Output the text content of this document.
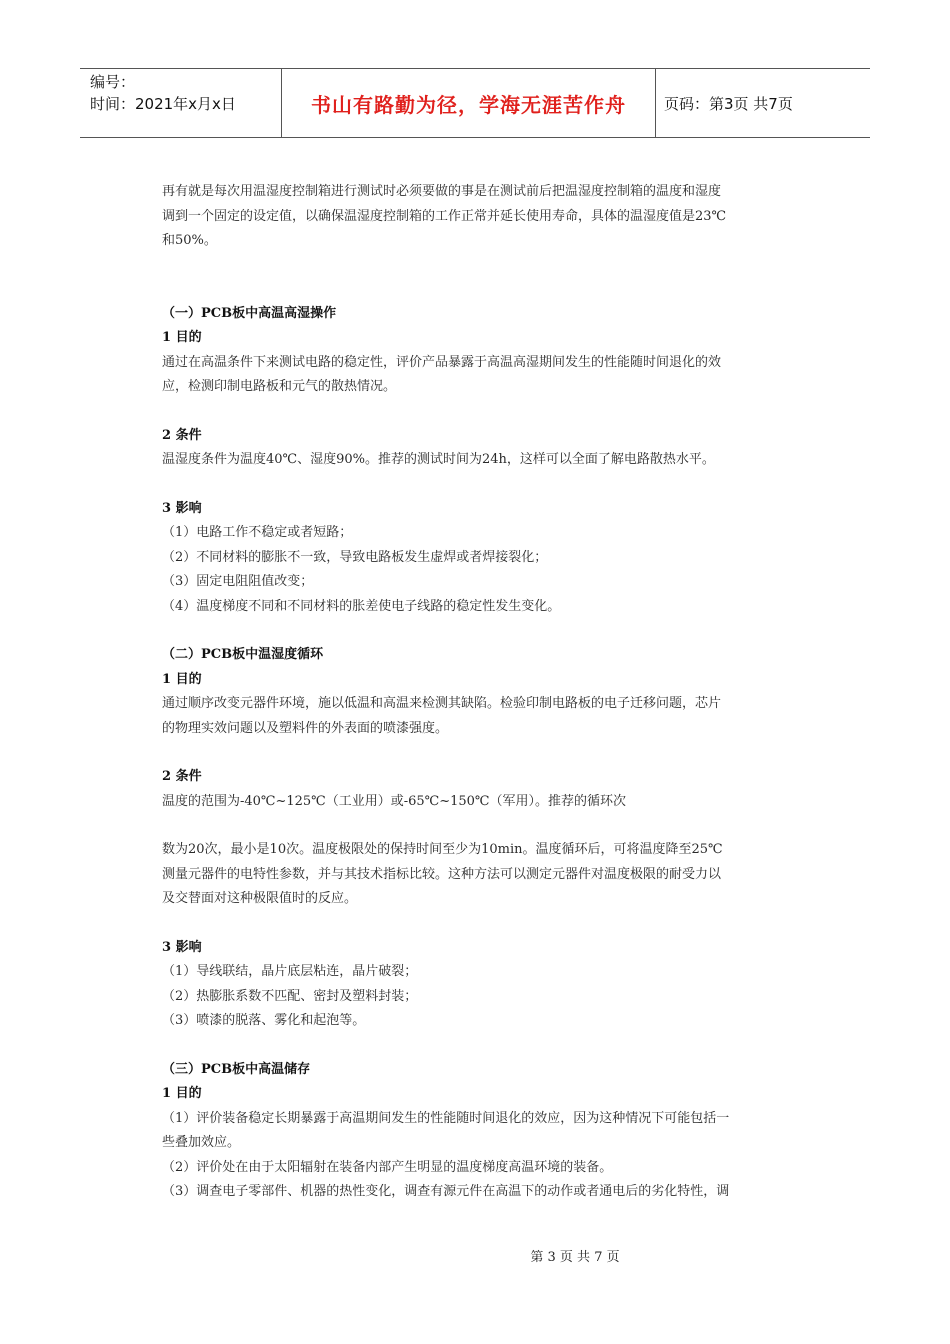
编号：
时间：2021年x月x日	书山有路勤为径，学海无涯苦作舟	页码：第3页 共7页

再有就是每次用温湿度控制箱进行测试时必须要做的事是在测试前后把温湿度控制箱的温度和湿度

调到一个固定的设定值，以确保温湿度控制箱的工作正常并延长使用寿命，具体的温湿度值是23℃

和50%。

（一）PCB板中高温高湿操作

1 目的

通过在高温条件下来测试电路的稳定性，评价产品暴露于高温高湿期间发生的性能随时间退化的效

应，检测印制电路板和元气的散热情况。

2 条件

温湿度条件为温度40℃、湿度90%。推荐的测试时间为24h，这样可以全面了解电路散热水平。

3 影响

（1）电路工作不稳定或者短路；

（2）不同材料的膨胀不一致，导致电路板发生虚焊或者焊接裂化；

（3）固定电阻阻值改变；

（4）温度梯度不同和不同材料的胀差使电子线路的稳定性发生变化。

（二）PCB板中温湿度循环

1 目的

通过顺序改变元器件环境，施以低温和高温来检测其缺陷。检验印制电路板的电子迁移问题，芯片

的物理实效问题以及塑料件的外表面的喷漆强度。

2 条件

温度的范围为-40℃~125℃（工业用）或-65℃~150℃（军用）。推荐的循环次

数为20次，最小是10次。温度极限处的保持时间至少为10min。温度循环后，可将温度降至25℃

测量元器件的电特性参数，并与其技术指标比较。这种方法可以测定元器件对温度极限的耐受力以

及交替面对这种极限值时的反应。

3 影响

（1）导线联结，晶片底层粘连，晶片破裂；

（2）热膨胀系数不匹配、密封及塑料封装；

（3）喷漆的脱落、雾化和起泡等。

（三）PCB板中高温储存

1 目的

（1）评价装备稳定长期暴露于高温期间发生的性能随时间退化的效应，因为这种情况下可能包括一

些叠加效应。

（2）评价处在由于太阳辐射在装备内部产生明显的温度梯度高温环境的装备。

（3）调查电子零部件、机器的热性变化，调查有源元件在高温下的动作或者通电后的劣化特性，调

第 3 页 共 7 页
